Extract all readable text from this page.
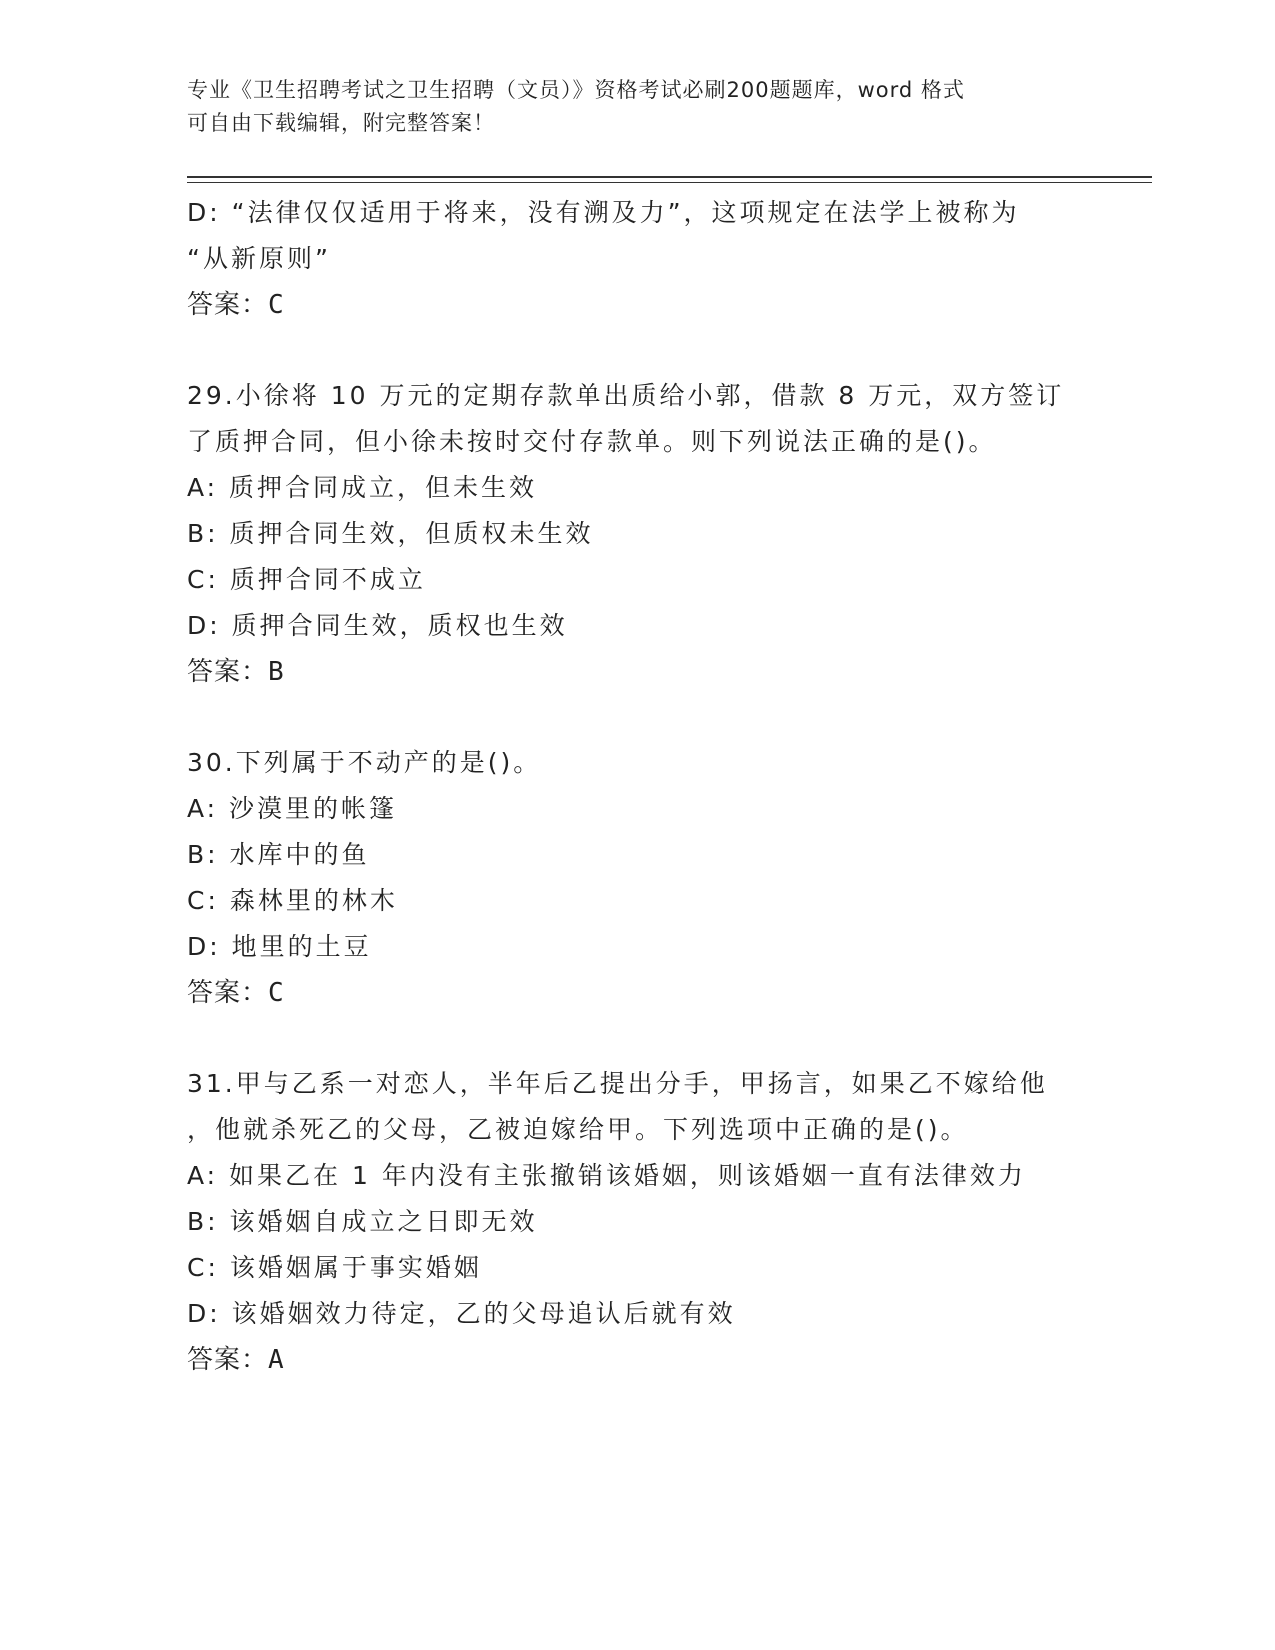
专业《卫生招聘考试之卫生招聘（文员）》资格考试必刷200题题库，word 格式
可自由下载编辑，附完整答案！
D: “法律仅仅适用于将来，没有溯及力”，这项规定在法学上被称为
“从新原则”
答案：C
29.小徐将 10 万元的定期存款单出质给小郭，借款 8 万元，双方签订
了质押合同，但小徐未按时交付存款单。则下列说法正确的是()。
A: 质押合同成立，但未生效
B: 质押合同生效，但质权未生效
C: 质押合同不成立
D: 质押合同生效，质权也生效
答案：B
30.下列属于不动产的是()。
A: 沙漠里的帐篷
B: 水库中的鱼
C: 森林里的林木
D: 地里的土豆
答案：C
31.甲与乙系一对恋人，半年后乙提出分手，甲扬言，如果乙不嫁给他
，他就杀死乙的父母，乙被迫嫁给甲。下列选项中正确的是()。
A: 如果乙在 1 年内没有主张撤销该婚姻，则该婚姻一直有法律效力
B: 该婚姻自成立之日即无效
C: 该婚姻属于事实婚姻
D: 该婚姻效力待定，乙的父母追认后就有效
答案：A
